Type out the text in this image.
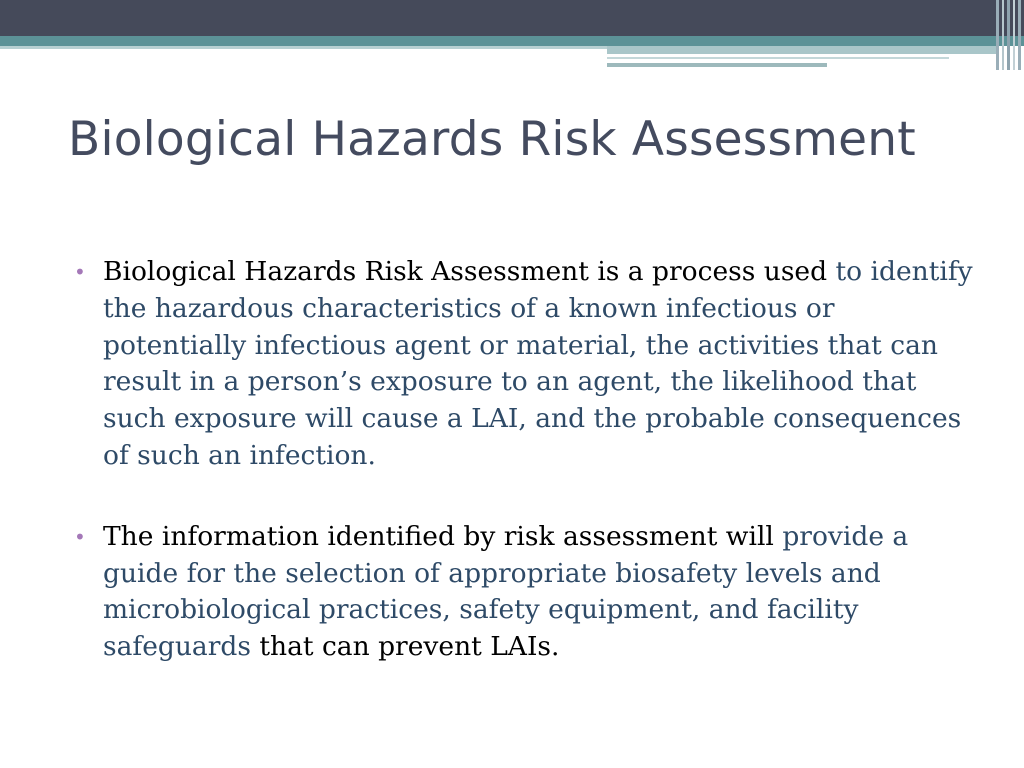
Biological Hazards Risk Assessment
• Biological Hazards Risk Assessment is a process used to identify the hazardous characteristics of a known infectious or potentially infectious agent or material, the activities that can result in a person’s exposure to an agent, the likelihood that such exposure will cause a LAI, and the probable consequences of such an infection.
• The information identified by risk assessment will provide a guide for the selection of appropriate biosafety levels and microbiological practices, safety equipment, and facility safeguards that can prevent LAIs.
